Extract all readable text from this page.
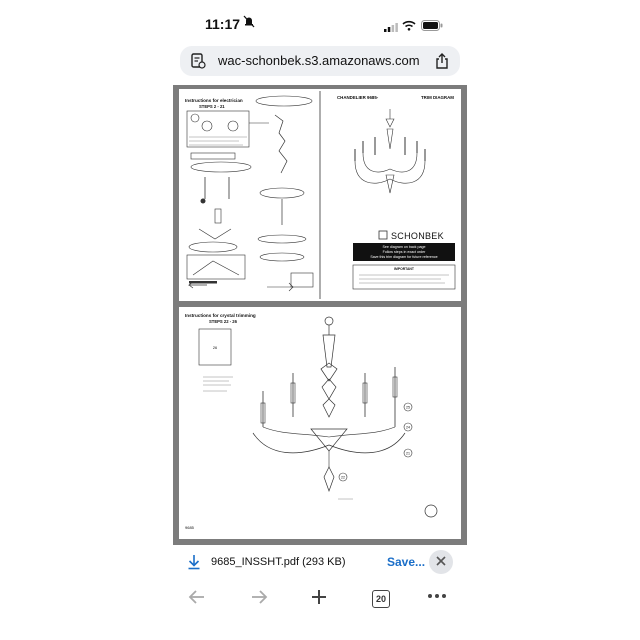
11:17
wac-schonbek.s3.amazonaws.com
Instructions for electrician
STEPS 2 - 21
CHANDELIER 9685-	TRIM DIAGRAM
SCHONBEK
See diagram on back page
Follow steps in exact order
Save this trim diagram for future reference
IMPORTANT
Instructions for crystal trimming
STEPS 22 - 26
26
25
24
21
22
9685
9685_INSSHT.pdf (293 KB)	Save...
20
